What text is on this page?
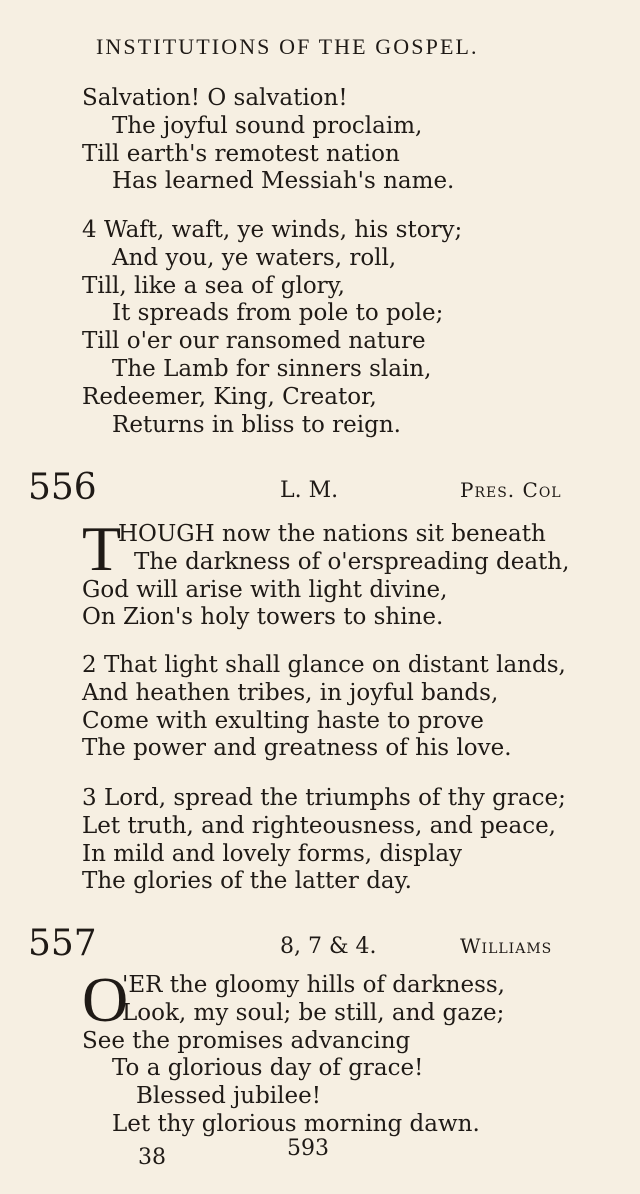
INSTITUTIONS OF THE GOSPEL.
Salvation! O salvation!
The joyful sound proclaim,
Till earth's remotest nation
Has learned Messiah's name.
4 Waft, waft, ye winds, his story;
And you, ye waters, roll,
Till, like a sea of glory,
It spreads from pole to pole;
Till o'er our ransomed nature
The Lamb for sinners slain,
Redeemer, King, Creator,
Returns in bliss to reign.
556	L. M.	Pres. Col
T
HOUGH now the nations sit beneath
The darkness of o'erspreading death,
God will arise with light divine,
On Zion's holy towers to shine.
2 That light shall glance on distant lands,
And heathen tribes, in joyful bands,
Come with exulting haste to prove
The power and greatness of his love.
3 Lord, spread the triumphs of thy grace;
Let truth, and righteousness, and peace,
In mild and lovely forms, display
The glories of the latter day.
557	8, 7 & 4.	Williams
O
'ER the gloomy hills of darkness,
Look, my soul; be still, and gaze;
See the promises advancing
To a glorious day of grace!
Blessed jubilee!
Let thy glorious morning dawn.
38	593
